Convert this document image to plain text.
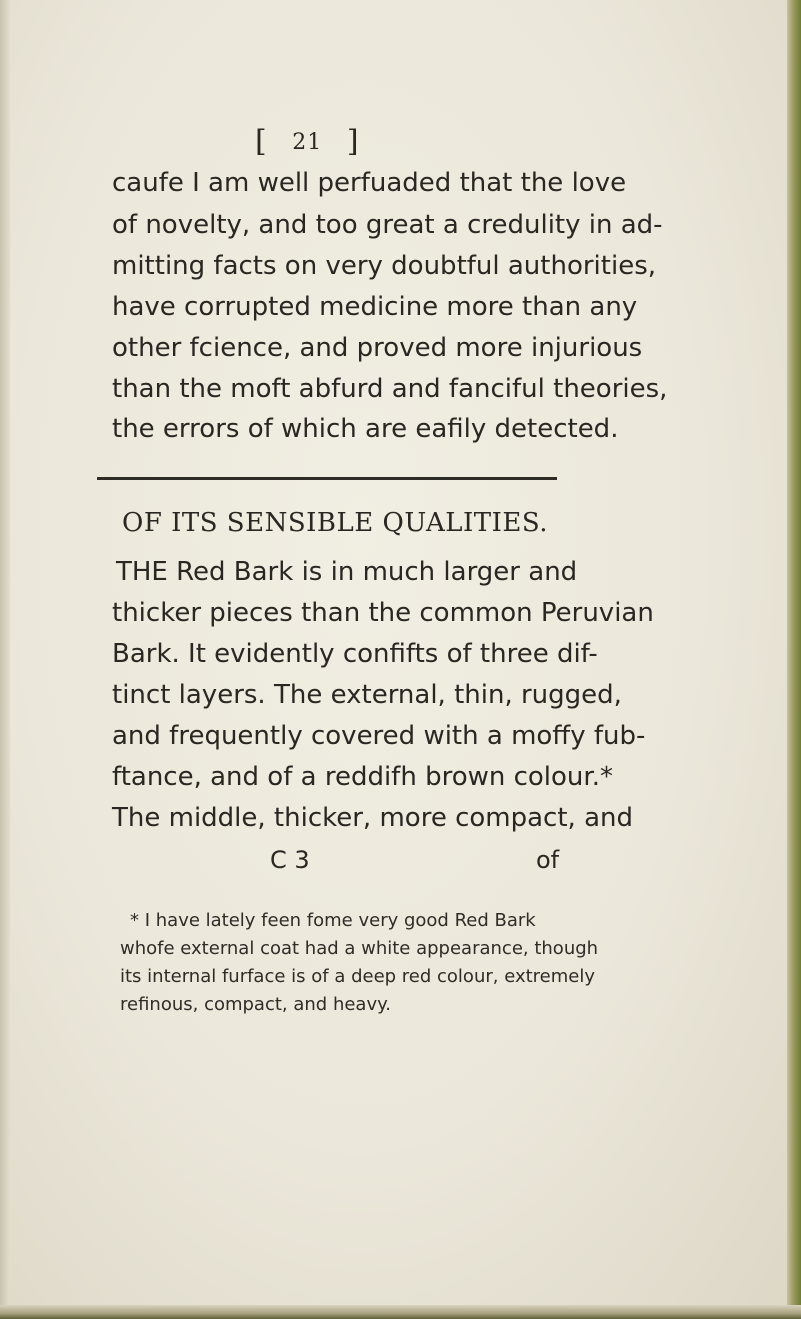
[ 21 ]
caufe I am well perfuaded that the love
of novelty, and too great a credulity in ad-
mitting facts on very doubtful authorities,
have corrupted medicine more than any
other fcience, and proved more injurious
than the moft abfurd and fanciful theories,
the errors of which are eafily detected.
OF ITS SENSIBLE QUALITIES.
THE Red Bark is in much larger and
thicker pieces than the common Peruvian
Bark. It evidently confifts of three dif-
tinct layers. The external, thin, rugged,
and frequently covered with a moffy fub-
ftance, and of a reddifh brown colour.*
The middle, thicker, more compact, and
C 3	of
* I have lately feen fome very good Red Bark
whofe external coat had a white appearance, though
its internal furface is of a deep red colour, extremely
refinous, compact, and heavy.
